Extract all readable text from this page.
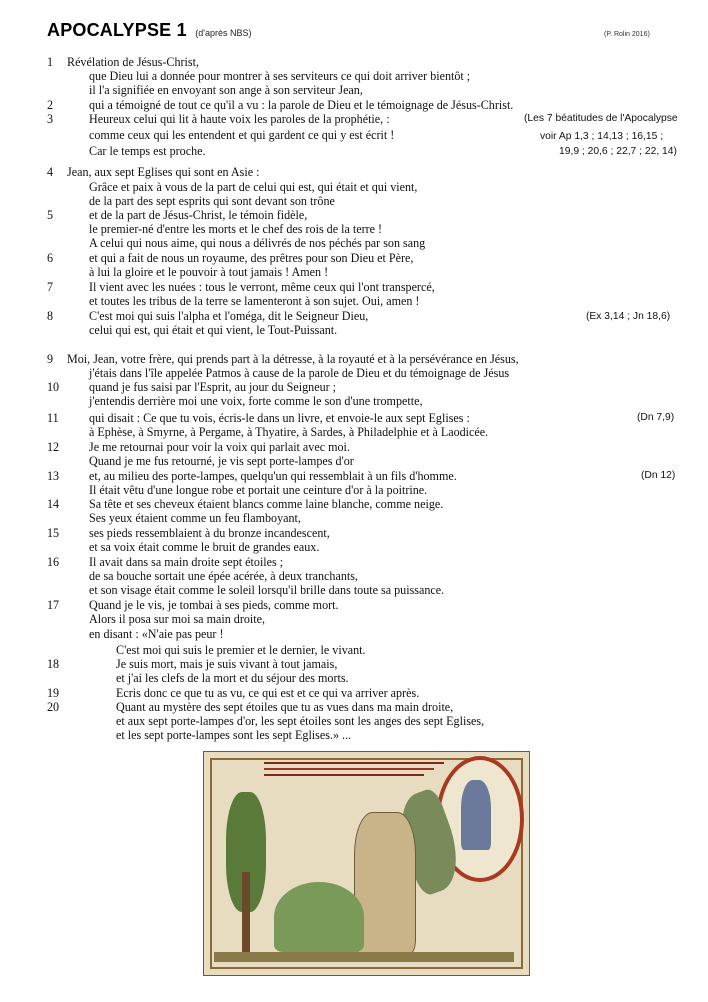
APOCALYPSE 1 (d'après NBS)	(P. Rolin 2016)
1 Révélation de Jésus-Christ,
que Dieu lui a donnée pour montrer à ses serviteurs ce qui doit arriver bientôt ;
il l'a signifiée en envoyant son ange à son serviteur Jean,
2	qui a témoigné de tout ce qu'il a vu : la parole de Dieu et le témoignage de Jésus-Christ.
3	Heureux celui qui lit à haute voix les paroles de la prophétie, :
comme ceux qui les entendent et qui gardent ce qui y est écrit !
Car le temps est proche.
(Les 7 béatitudes de l'Apocalypse
voir Ap 1,3 ; 14,13 ; 16,15 ;
19,9 ; 20,6 ; 22,7 ; 22, 14)
4 Jean, aux sept Eglises qui sont en Asie :
Grâce et paix à vous de la part de celui qui est, qui était et qui vient,
de la part des sept esprits qui sont devant son trône
5	et de la part de Jésus-Christ, le témoin fidèle,
le premier-né d'entre les morts et le chef des rois de la terre !
A celui qui nous aime, qui nous a délivrés de nos péchés par son sang
6	et qui a fait de nous un royaume, des prêtres pour son Dieu et Père,
à lui la gloire et le pouvoir à tout jamais ! Amen !
7	Il vient avec les nuées : tous le verront, même ceux qui l'ont transpercé,
et toutes les tribus de la terre se lamenteront à son sujet. Oui, amen !
8	C'est moi qui suis l'alpha et l'oméga, dit le Seigneur Dieu,
celui qui est, qui était et qui vient, le Tout-Puissant.
(Ex 3,14 ; Jn 18,6)
9 Moi, Jean, votre frère, qui prends part à la détresse, à la royauté et à la persévérance en Jésus,
j'étais dans l'île appelée Patmos à cause de la parole de Dieu et du témoignage de Jésus
10 quand je fus saisi par l'Esprit, au jour du Seigneur ;
j'entendis derrière moi une voix, forte comme le son d'une trompette,
11	qui disait : Ce que tu vois, écris-le dans un livre, et envoie-le aux sept Eglises :
à Ephèse, à Smyrne, à Pergame, à Thyatire, à Sardes, à Philadelphie et à Laodicée.
(Dn 7,9)
12 Je me retournai pour voir la voix qui parlait avec moi.
Quand je me fus retourné, je vis sept porte-lampes d'or
13 et, au milieu des porte-lampes, quelqu'un qui ressemblait à un fils d'homme.
Il était vêtu d'une longue robe et portait une ceinture d'or à la poitrine.
(Dn 12)
14 Sa tête et ses cheveux étaient blancs comme laine blanche, comme neige.
Ses yeux étaient comme un feu flamboyant,
15 ses pieds ressemblaient à du bronze incandescent,
et sa voix était comme le bruit de grandes eaux.
16 Il avait dans sa main droite sept étoiles ;
de sa bouche sortait une épée acérée, à deux tranchants,
et son visage était comme le soleil lorsqu'il brille dans toute sa puissance.
17 Quand je le vis, je tombai à ses pieds, comme mort.
Alors il posa sur moi sa main droite,
en disant : «N'aie pas peur !
C'est moi qui suis le premier et le dernier, le vivant.
18	Je suis mort, mais je suis vivant à tout jamais,
et j'ai les clefs de la mort et du séjour des morts.
19	Ecris donc ce que tu as vu, ce qui est et ce qui va arriver après.
20	Quant au mystère des sept étoiles que tu as vues dans ma main droite,
et aux sept porte-lampes d'or, les sept étoiles sont les anges des sept Eglises,
et les sept porte-lampes sont les sept Eglises.» ...
